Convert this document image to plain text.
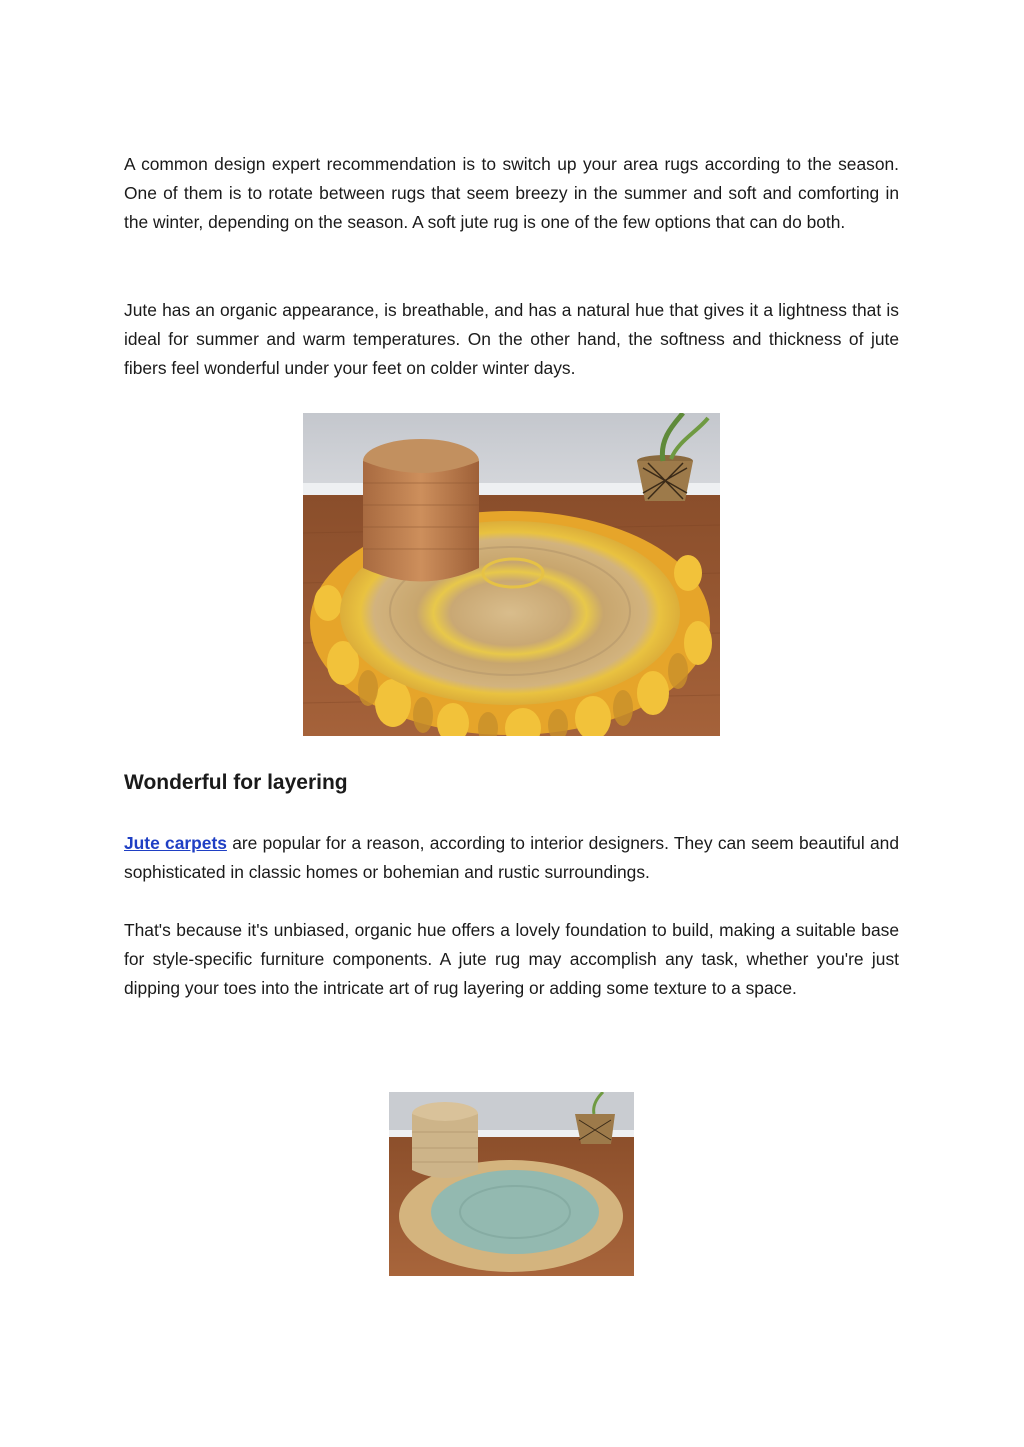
A common design expert recommendation is to switch up your area rugs according to the season. One of them is to rotate between rugs that seem breezy in the summer and soft and comforting in the winter, depending on the season. A soft jute rug is one of the few options that can do both.

Jute has an organic appearance, is breathable, and has a natural hue that gives it a lightness that is ideal for summer and warm temperatures. On the other hand, the softness and thickness of jute fibers feel wonderful under your feet on colder winter days.

Wonderful for layering

Jute carpets are popular for a reason, according to interior designers. They can seem beautiful and sophisticated in classic homes or bohemian and rustic surroundings.

That's because it's unbiased, organic hue offers a lovely foundation to build, making a suitable base for style-specific furniture components. A jute rug may accomplish any task, whether you're just dipping your toes into the intricate art of rug layering or adding some texture to a space.
